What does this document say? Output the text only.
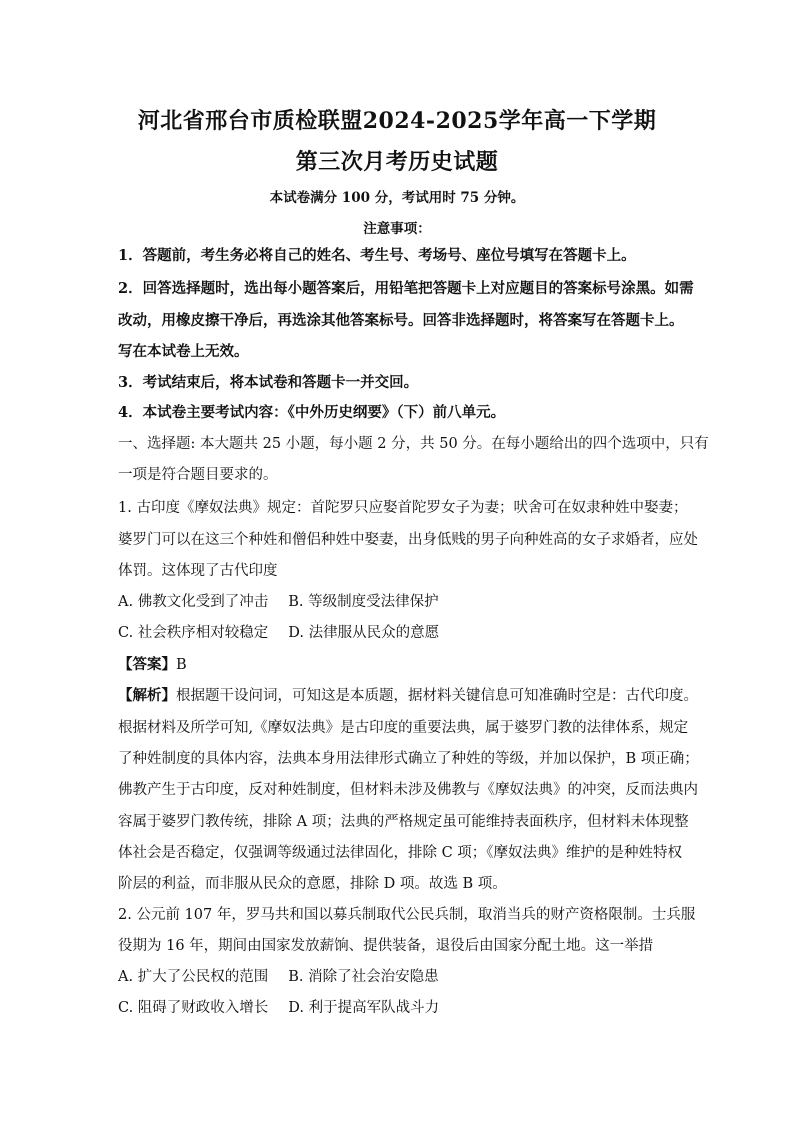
河北省邢台市质检联盟2024-2025学年高一下学期
第三次月考历史试题
本试卷满分 100 分，考试用时 75 分钟。
注意事项：
1．答题前，考生务必将自己的姓名、考生号、考场号、座位号填写在答题卡上。
2．回答选择题时，选出每小题答案后，用铅笔把答题卡上对应题目的答案标号涂黑。如需
改动，用橡皮擦干净后，再选涂其他答案标号。回答非选择题时，将答案写在答题卡上。
写在本试卷上无效。
3．考试结束后，将本试卷和答题卡一并交回。
4．本试卷主要考试内容：《中外历史纲要》（下）前八单元。
一、选择题: 本大题共 25 小题，每小题 2 分，共 50 分。在每小题给出的四个选项中，只有
一项是符合题目要求的。
1. 古印度《摩奴法典》规定：首陀罗只应娶首陀罗女子为妻；吠舍可在奴隶种姓中娶妻；
婆罗门可以在这三个种姓和僧侣种姓中娶妻，出身低贱的男子向种姓高的女子求婚者，应处
体罚。这体现了古代印度
A. 佛教文化受到了冲击 B. 等级制度受法律保护
C. 社会秩序相对较稳定 D. 法律服从民众的意愿
【答案】B
【解析】根据题干设问词，可知这是本质题，据材料关键信息可知准确时空是：古代印度。
根据材料及所学可知,《摩奴法典》是古印度的重要法典，属于婆罗门教的法律体系，规定
了种姓制度的具体内容，法典本身用法律形式确立了种姓的等级，并加以保护，B 项正确；
佛教产生于古印度，反对种姓制度，但材料未涉及佛教与《摩奴法典》的冲突，反而法典内
容属于婆罗门教传统，排除 A 项；法典的严格规定虽可能维持表面秩序，但材料未体现整
体社会是否稳定，仅强调等级通过法律固化，排除 C 项；《摩奴法典》维护的是种姓特权
阶层的利益，而非服从民众的意愿，排除 D 项。故选 B 项。
2. 公元前 107 年，罗马共和国以募兵制取代公民兵制，取消当兵的财产资格限制。士兵服
役期为 16 年，期间由国家发放薪饷、提供装备，退役后由国家分配土地。这一举措
A. 扩大了公民权的范围 B. 消除了社会治安隐患
C. 阻碍了财政收入增长 D. 利于提高军队战斗力
